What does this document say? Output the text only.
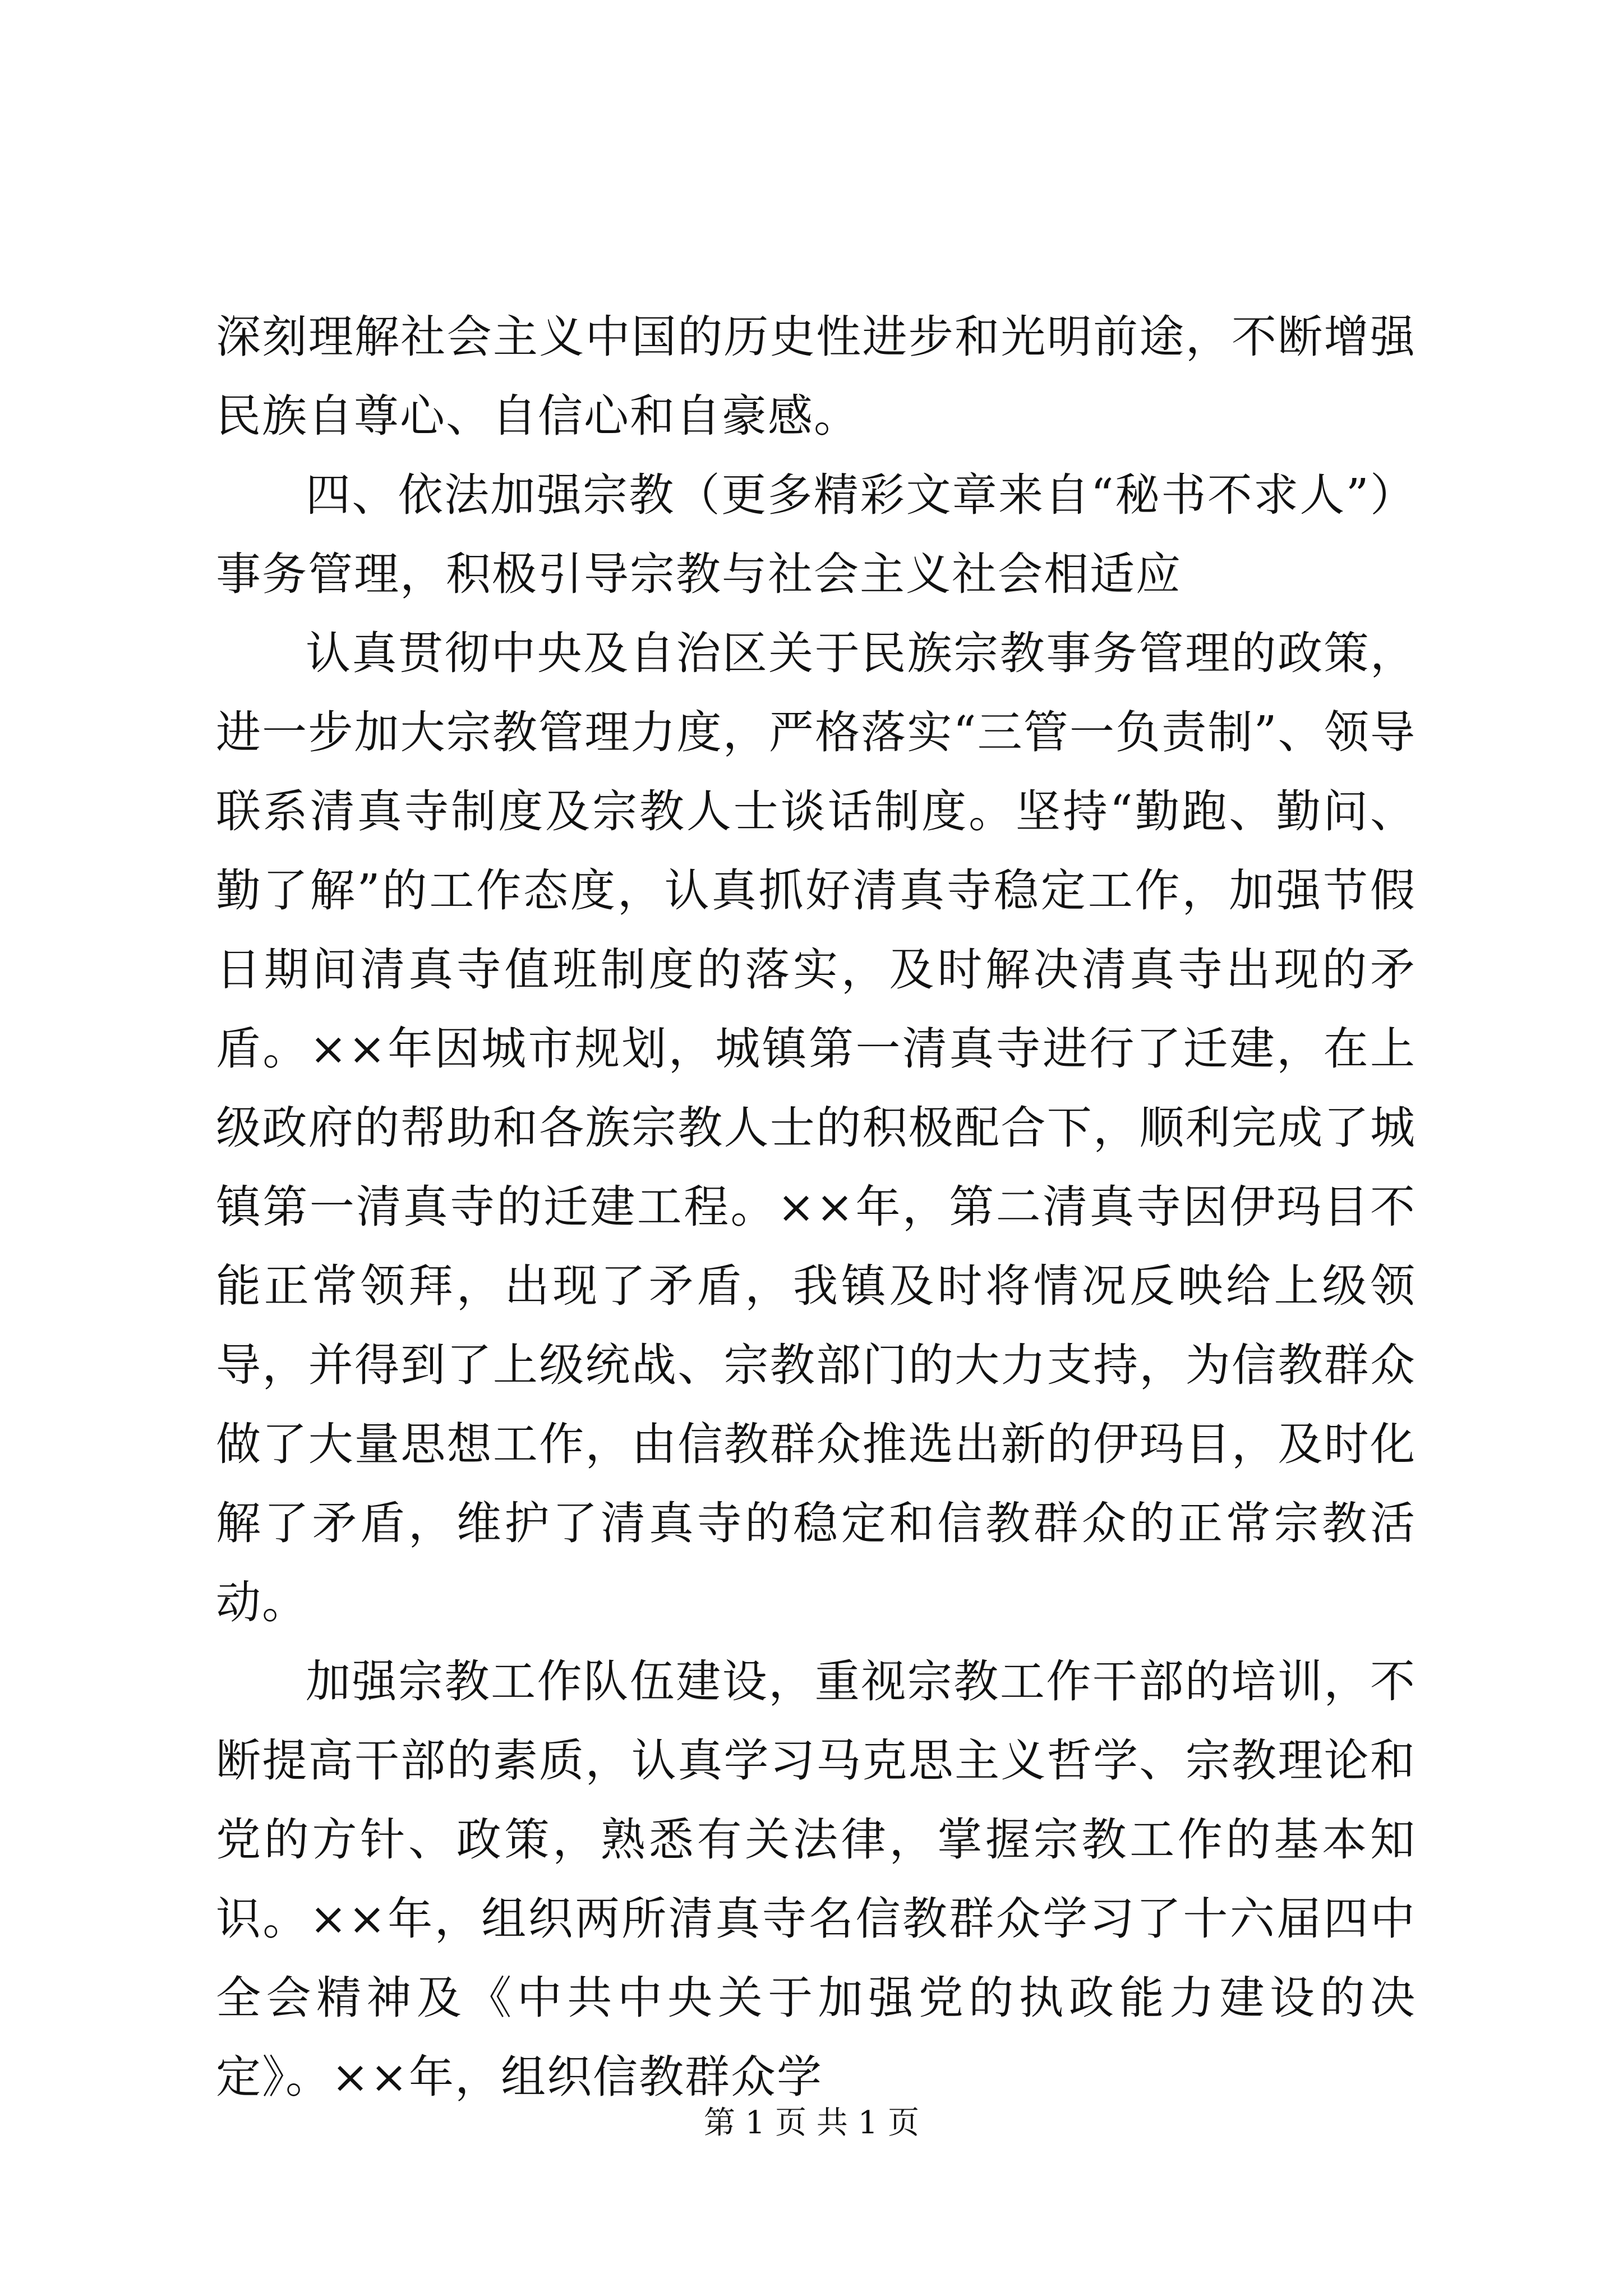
深刻理解社会主义中国的历史性进步和光明前途，不断增强民族自尊心、自信心和自豪感。

四、依法加强宗教（更多精彩文章来自“秘书不求人”）事务管理，积极引导宗教与社会主义社会相适应

认真贯彻中央及自治区关于民族宗教事务管理的政策，进一步加大宗教管理力度，严格落实“三管一负责制”、领导联系清真寺制度及宗教人士谈话制度。坚持“勤跑、勤问、勤了解”的工作态度，认真抓好清真寺稳定工作，加强节假日期间清真寺值班制度的落实，及时解决清真寺出现的矛盾。××年因城市规划，城镇第一清真寺进行了迁建，在上级政府的帮助和各族宗教人士的积极配合下，顺利完成了城镇第一清真寺的迁建工程。××年，第二清真寺因伊玛目不能正常领拜，出现了矛盾，我镇及时将情况反映给上级领导，并得到了上级统战、宗教部门的大力支持，为信教群众做了大量思想工作，由信教群众推选出新的伊玛目，及时化解了矛盾，维护了清真寺的稳定和信教群众的正常宗教活动。

加强宗教工作队伍建设，重视宗教工作干部的培训，不断提高干部的素质，认真学习马克思主义哲学、宗教理论和党的方针、政策，熟悉有关法律，掌握宗教工作的基本知识。××年，组织两所清真寺名信教群众学习了十六届四中全会精神及《中共中央关于加强党的执政能力建设的决定》。××年，组织信教群众学

第 1 页 共 1 页
